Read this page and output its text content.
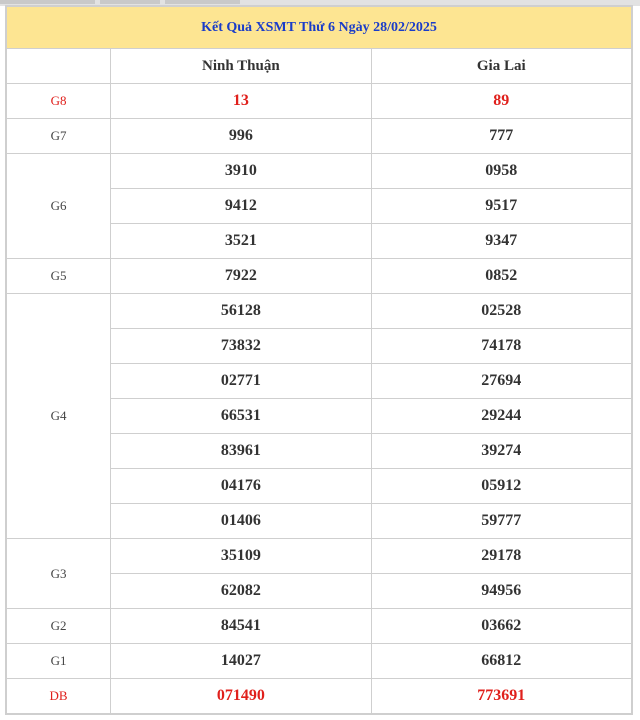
Kết Quả XSMT Thứ 6 Ngày 28/02/2025
	Ninh Thuận	Gia Lai
G8	13	89
G7	996	777
G6	3910	0958
	9412	9517
	3521	9347
G5	7922	0852
G4	56128	02528
	73832	74178
	02771	27694
	66531	29244
	83961	39274
	04176	05912
	01406	59777
G3	35109	29178
	62082	94956
G2	84541	03662
G1	14027	66812
DB	071490	773691
